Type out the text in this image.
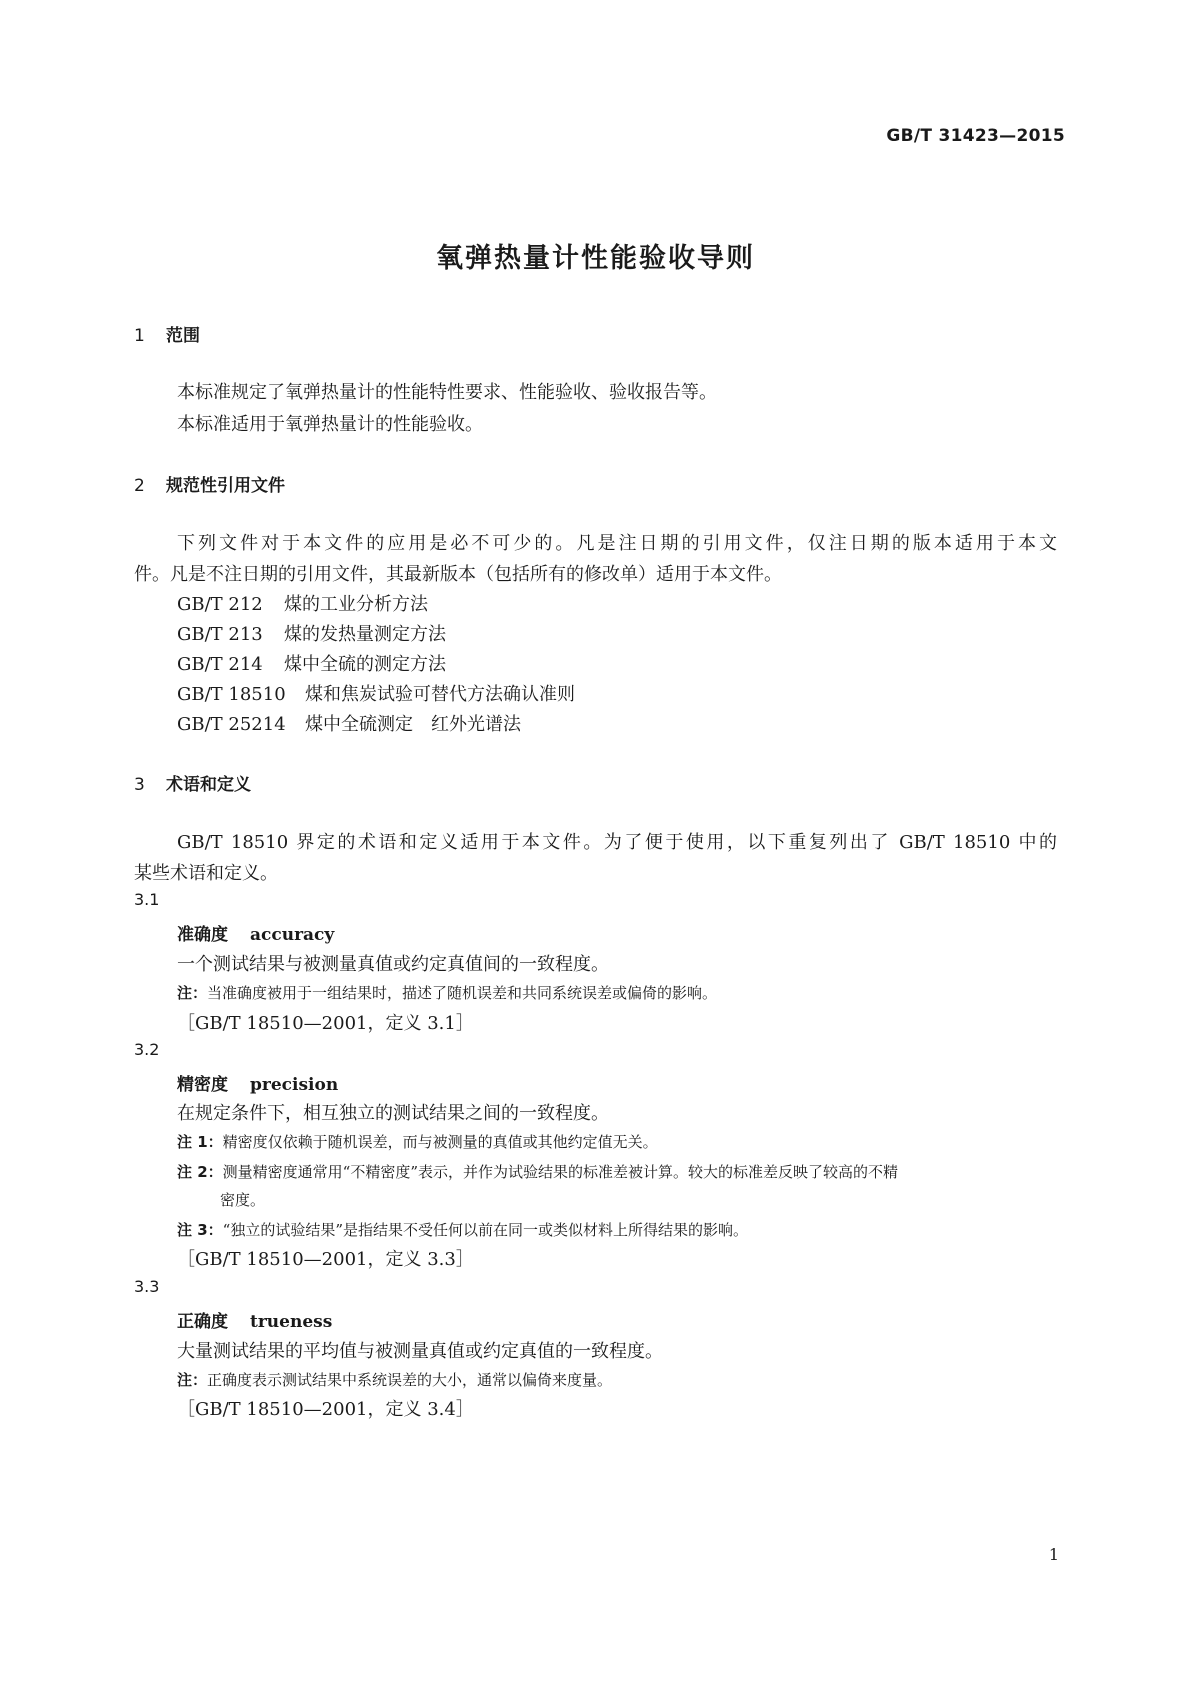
GB/T 31423—2015
氧弹热量计性能验收导则
1 范围
本标准规定了氧弹热量计的性能特性要求、性能验收、验收报告等。
本标准适用于氧弹热量计的性能验收。
2 规范性引用文件
下列文件对于本文件的应用是必不可少的。凡是注日期的引用文件，仅注日期的版本适用于本文
件。凡是不注日期的引用文件，其最新版本（包括所有的修改单）适用于本文件。
GB/T 212 煤的工业分析方法
GB/T 213 煤的发热量测定方法
GB/T 214 煤中全硫的测定方法
GB/T 18510 煤和焦炭试验可替代方法确认准则
GB/T 25214 煤中全硫测定　红外光谱法
3 术语和定义
GB/T 18510 界定的术语和定义适用于本文件。为了便于使用，以下重复列出了 GB/T 18510 中的
某些术语和定义。
3.1
准确度 accuracy
一个测试结果与被测量真值或约定真值间的一致程度。
注：当准确度被用于一组结果时，描述了随机误差和共同系统误差或偏倚的影响。
［GB/T 18510—2001，定义 3.1］
3.2
精密度 precision
在规定条件下，相互独立的测试结果之间的一致程度。
注 1：精密度仅依赖于随机误差，而与被测量的真值或其他约定值无关。
注 2：测量精密度通常用“不精密度”表示，并作为试验结果的标准差被计算。较大的标准差反映了较高的不精
密度。
注 3：“独立的试验结果”是指结果不受任何以前在同一或类似材料上所得结果的影响。
［GB/T 18510—2001，定义 3.3］
3.3
正确度 trueness
大量测试结果的平均值与被测量真值或约定真值的一致程度。
注：正确度表示测试结果中系统误差的大小，通常以偏倚来度量。
［GB/T 18510—2001，定义 3.4］
1
